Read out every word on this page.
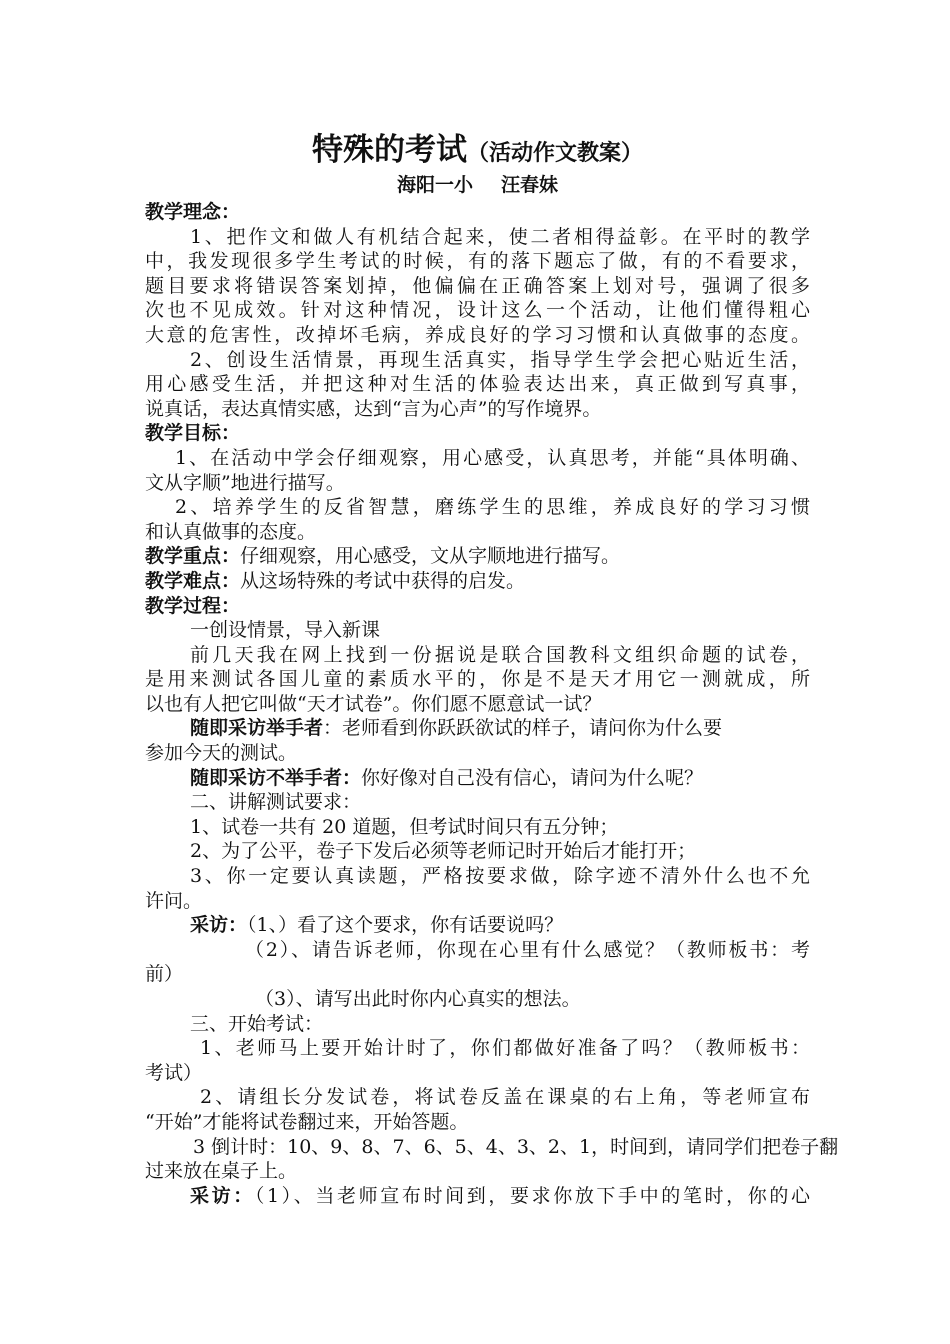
特殊的考试（活动作文教案）
海阳一小 汪春妹
教学理念：
1、把作文和做人有机结合起来，使二者相得益彰。在平时的教学
中，我发现很多学生考试的时候，有的落下题忘了做，有的不看要求，
题目要求将错误答案划掉，他偏偏在正确答案上划对号，强调了很多
次也不见成效。针对这种情况，设计这么一个活动，让他们懂得粗心
大意的危害性，改掉坏毛病，养成良好的学习习惯和认真做事的态度。
2、创设生活情景，再现生活真实，指导学生学会把心贴近生活，
用心感受生活，并把这种对生活的体验表达出来，真正做到写真事，
说真话，表达真情实感，达到“言为心声”的写作境界。
教学目标：
1、在活动中学会仔细观察，用心感受，认真思考，并能“具体明确、
文从字顺”地进行描写。
2、培养学生的反省智慧，磨练学生的思维，养成良好的学习习惯
和认真做事的态度。
教学重点：仔细观察，用心感受，文从字顺地进行描写。
教学难点：从这场特殊的考试中获得的启发。
教学过程：
一创设情景，导入新课
前几天我在网上找到一份据说是联合国教科文组织命题的试卷，
是用来测试各国儿童的素质水平的，你是不是天才用它一测就成，所
以也有人把它叫做“天才试卷”。你们愿不愿意试一试？
随即采访举手者：老师看到你跃跃欲试的样子，请问你为什么要
参加今天的测试。
随即采访不举手者：你好像对自己没有信心，请问为什么呢？
二、讲解测试要求：
1、试卷一共有 20 道题，但考试时间只有五分钟；
2、为了公平，卷子下发后必须等老师记时开始后才能打开；
3、你一定要认真读题，严格按要求做，除字迹不清外什么也不允
许问。
采访：（1、）看了这个要求，你有话要说吗？
（2）、请告诉老师，你现在心里有什么感觉？（教师板书：考
前）
（3）、请写出此时你内心真实的想法。
三、开始考试：
1、老师马上要开始计时了，你们都做好准备了吗？（教师板书：
考试）
2、请组长分发试卷，将试卷反盖在课桌的右上角，等老师宣布
“开始”才能将试卷翻过来，开始答题。
3 倒计时：10、9、8、7、6、5、4、3、2、1，时间到，请同学们把卷子翻
过来放在桌子上。
采访：（1）、当老师宣布时间到，要求你放下手中的笔时，你的心
